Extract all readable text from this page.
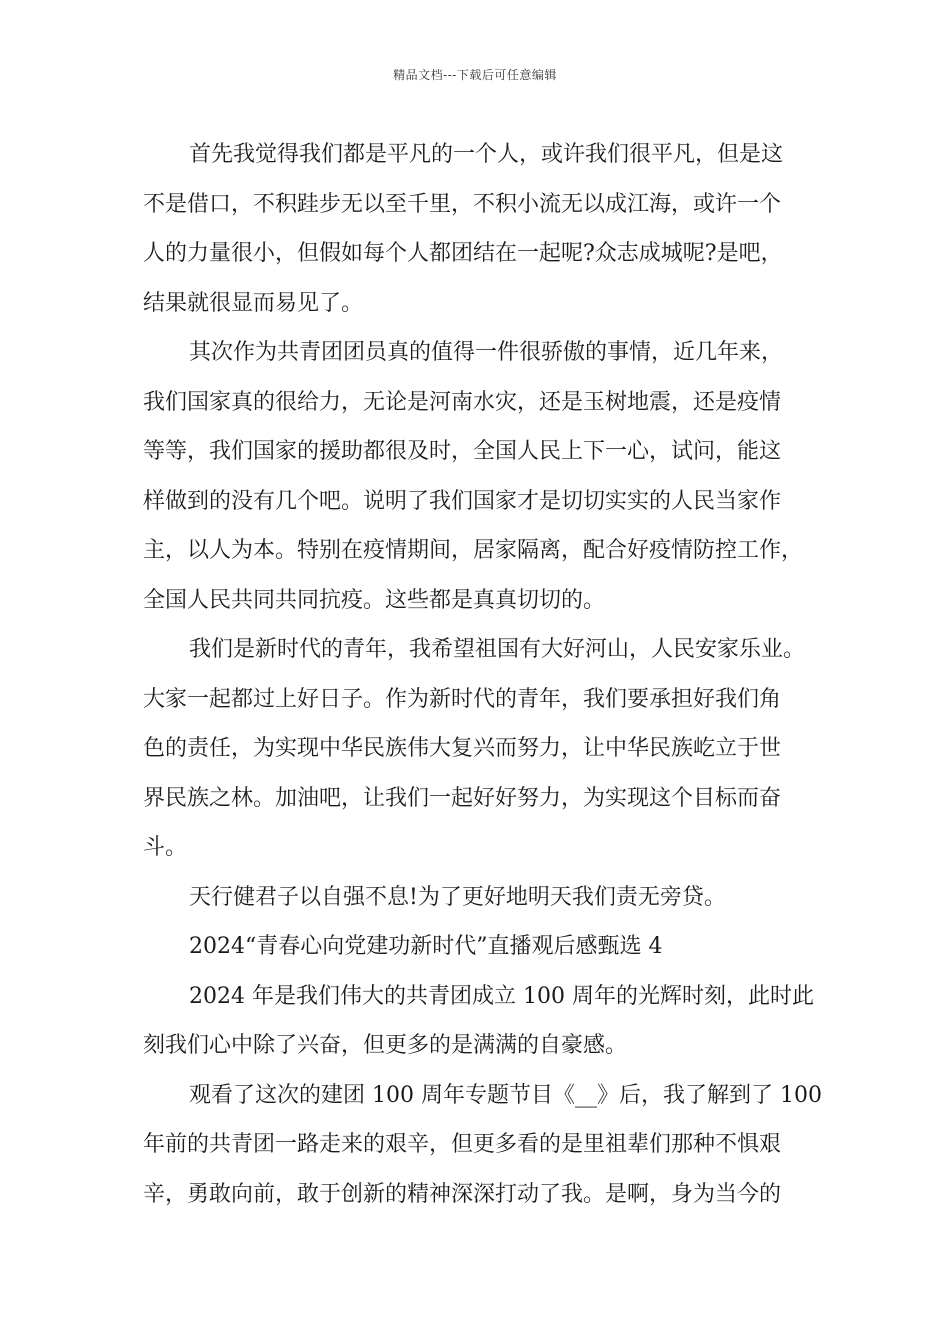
精品文档---下载后可任意编辑
首先我觉得我们都是平凡的一个人，或许我们很平凡，但是这
不是借口，不积跬步无以至千里，不积小流无以成江海，或许一个
人的力量很小，但假如每个人都团结在一起呢?众志成城呢?是吧，
结果就很显而易见了。
其次作为共青团团员真的值得一件很骄傲的事情，近几年来，
我们国家真的很给力，无论是河南水灾，还是玉树地震，还是疫情
等等，我们国家的援助都很及时，全国人民上下一心，试问，能这
样做到的没有几个吧。说明了我们国家才是切切实实的人民当家作
主，以人为本。特别在疫情期间，居家隔离，配合好疫情防控工作，
全国人民共同共同抗疫。这些都是真真切切的。
我们是新时代的青年，我希望祖国有大好河山，人民安家乐业。
大家一起都过上好日子。作为新时代的青年，我们要承担好我们角
色的责任，为实现中华民族伟大复兴而努力，让中华民族屹立于世
界民族之林。加油吧，让我们一起好好努力，为实现这个目标而奋
斗。
天行健君子以自强不息!为了更好地明天我们责无旁贷。
2024“青春心向党建功新时代”直播观后感甄选 4
2024 年是我们伟大的共青团成立 100 周年的光辉时刻，此时此
刻我们心中除了兴奋，但更多的是满满的自豪感。
观看了这次的建团 100 周年专题节目《__》后，我了解到了 100
年前的共青团一路走来的艰辛，但更多看的是里祖辈们那种不惧艰
辛，勇敢向前，敢于创新的精神深深打动了我。是啊，身为当今的
